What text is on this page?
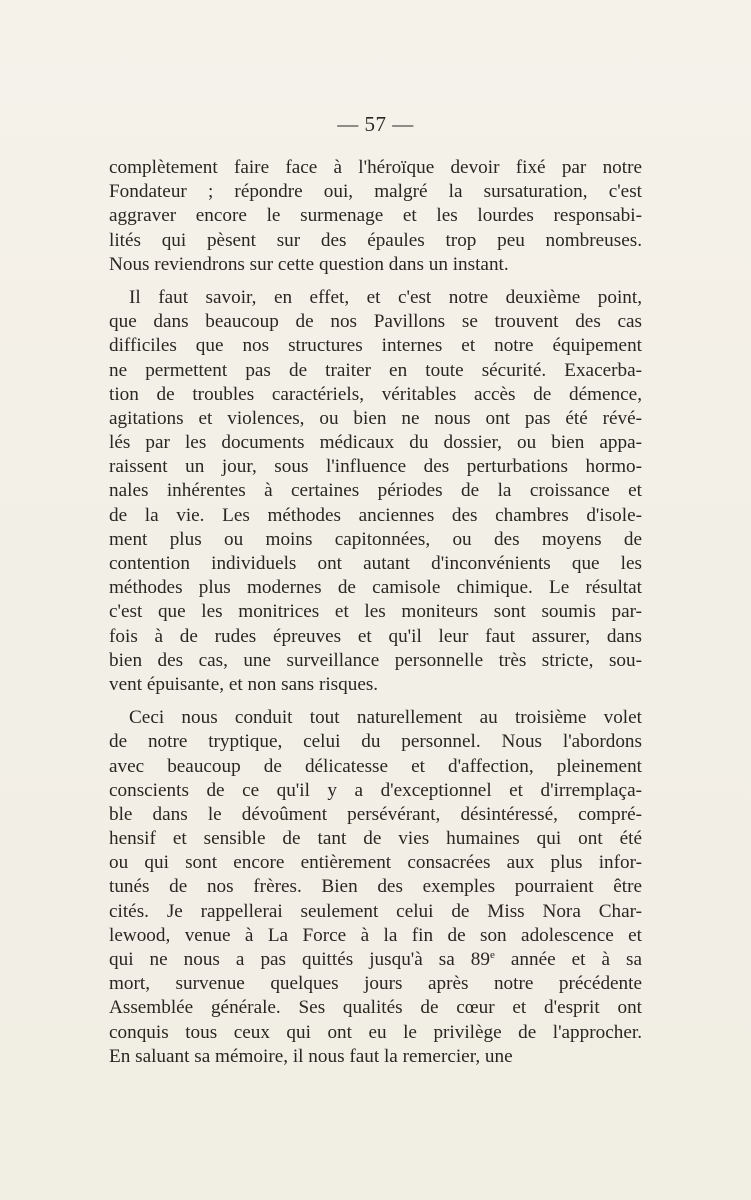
— 57 —
complètement faire face à l'héroïque devoir fixé par notre
Fondateur ; répondre oui, malgré la sursaturation, c'est
aggraver encore le surmenage et les lourdes responsabi-
lités qui pèsent sur des épaules trop peu nombreuses.
Nous reviendrons sur cette question dans un instant.
Il faut savoir, en effet, et c'est notre deuxième point,
que dans beaucoup de nos Pavillons se trouvent des cas
difficiles que nos structures internes et notre équipement
ne permettent pas de traiter en toute sécurité. Exacerba-
tion de troubles caractériels, véritables accès de démence,
agitations et violences, ou bien ne nous ont pas été révé-
lés par les documents médicaux du dossier, ou bien appa-
raissent un jour, sous l'influence des perturbations hormo-
nales inhérentes à certaines périodes de la croissance et
de la vie. Les méthodes anciennes des chambres d'isole-
ment plus ou moins capitonnées, ou des moyens de
contention individuels ont autant d'inconvénients que les
méthodes plus modernes de camisole chimique. Le résultat
c'est que les monitrices et les moniteurs sont soumis par-
fois à de rudes épreuves et qu'il leur faut assurer, dans
bien des cas, une surveillance personnelle très stricte, sou-
vent épuisante, et non sans risques.
Ceci nous conduit tout naturellement au troisième volet
de notre tryptique, celui du personnel. Nous l'abordons
avec beaucoup de délicatesse et d'affection, pleinement
conscients de ce qu'il y a d'exceptionnel et d'irremplaça-
ble dans le dévoûment persévérant, désintéressé, compré-
hensif et sensible de tant de vies humaines qui ont été
ou qui sont encore entièrement consacrées aux plus infor-
tunés de nos frères. Bien des exemples pourraient être
cités. Je rappellerai seulement celui de Miss Nora Char-
lewood, venue à La Force à la fin de son adolescence et
qui ne nous a pas quittés jusqu'à sa 89e année et à sa
mort, survenue quelques jours après notre précédente
Assemblée générale. Ses qualités de cœur et d'esprit ont
conquis tous ceux qui ont eu le privilège de l'approcher.
En saluant sa mémoire, il nous faut la remercier, une
